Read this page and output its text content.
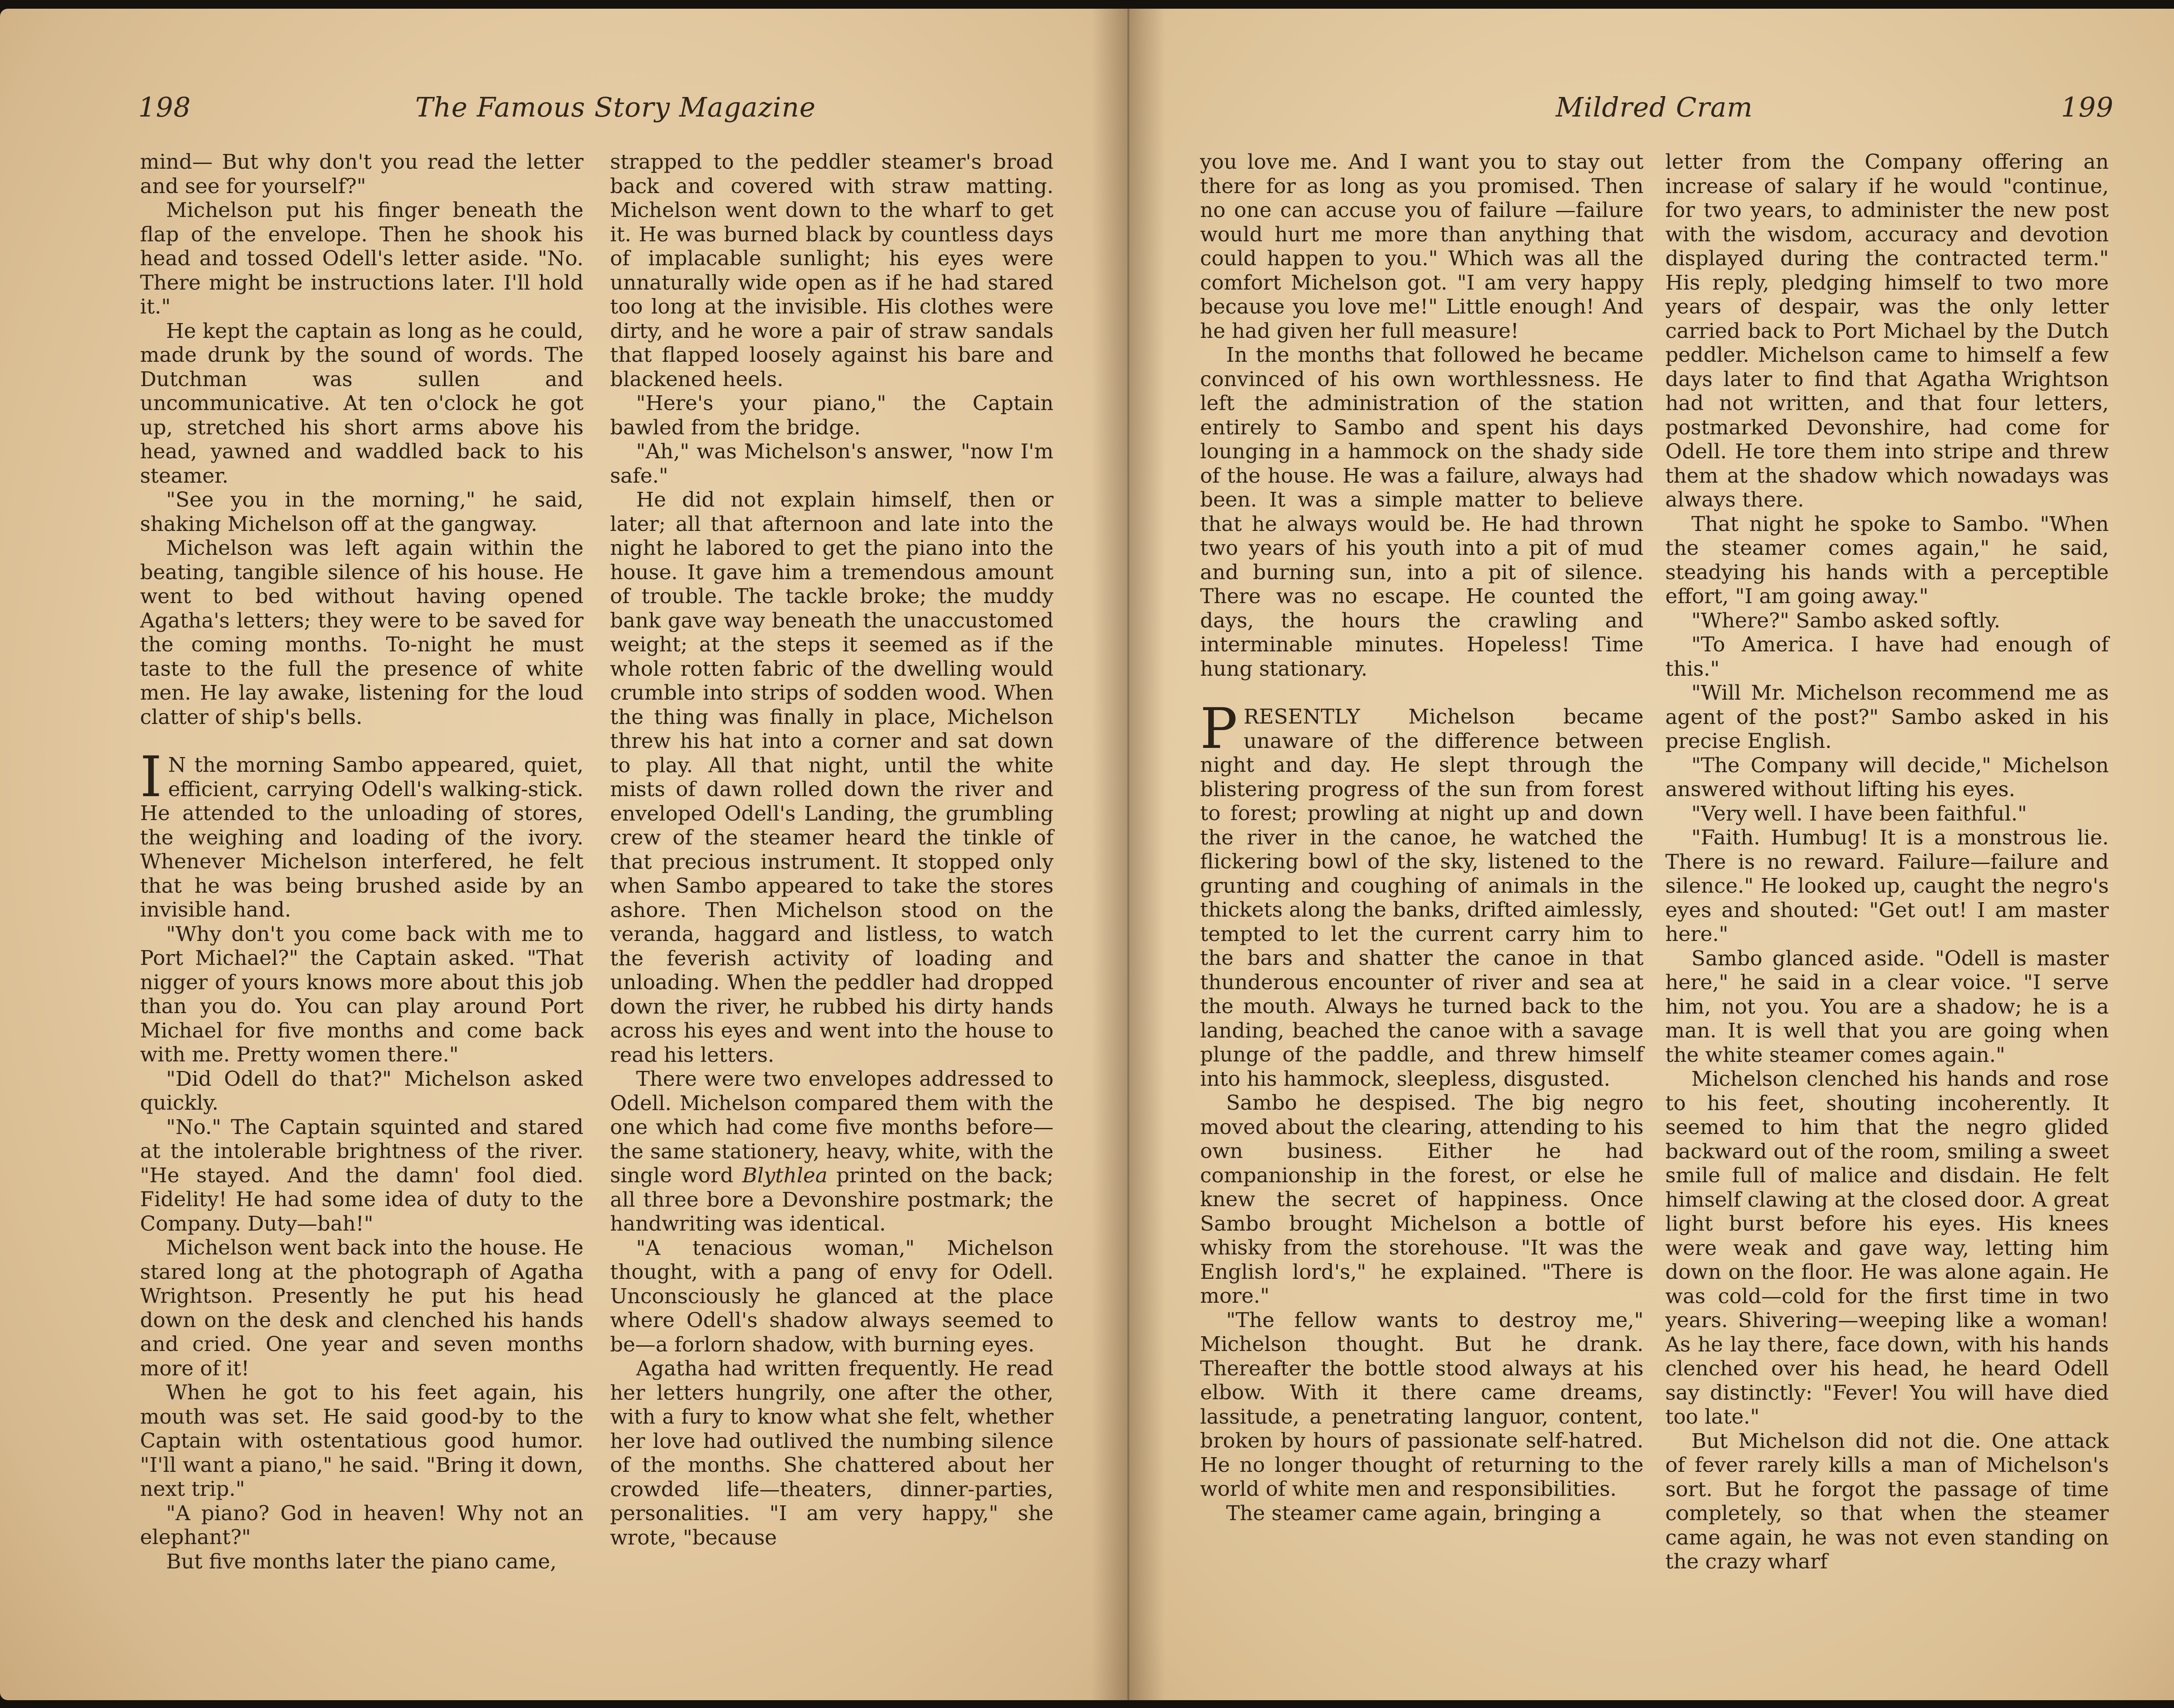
198	The Famous Story Magazine

mind— But why don't you read the letter and see for yourself?"

Michelson put his finger beneath the flap of the envelope. Then he shook his head and tossed Odell's letter aside. "No. There might be instructions later. I'll hold it."

He kept the captain as long as he could, made drunk by the sound of words. The Dutchman was sullen and uncommunicative. At ten o'clock he got up, stretched his short arms above his head, yawned and waddled back to his steamer.

"See you in the morning," he said, shaking Michelson off at the gangway.

Michelson was left again within the beating, tangible silence of his house. He went to bed without having opened Agatha's letters; they were to be saved for the coming months. To-night he must taste to the full the presence of white men. He lay awake, listening for the loud clatter of ship's bells.

I N the morning Sambo appeared, quiet, efficient, carrying Odell's walking-stick. He attended to the unloading of stores, the weighing and loading of the ivory. Whenever Michelson interfered, he felt that he was being brushed aside by an invisible hand.

"Why don't you come back with me to Port Michael?" the Captain asked. "That nigger of yours knows more about this job than you do. You can play around Port Michael for five months and come back with me. Pretty women there."

"Did Odell do that?" Michelson asked quickly.

"No." The Captain squinted and stared at the intolerable brightness of the river. "He stayed. And the damn' fool died. Fidelity! He had some idea of duty to the Company. Duty—bah!"

Michelson went back into the house. He stared long at the photograph of Agatha Wrightson. Presently he put his head down on the desk and clenched his hands and cried. One year and seven months more of it!

When he got to his feet again, his mouth was set. He said good-by to the Captain with ostentatious good humor. "I'll want a piano," he said. "Bring it down, next trip."

"A piano? God in heaven! Why not an elephant?"

But five months later the piano came,

strapped to the peddler steamer's broad back and covered with straw matting. Michelson went down to the wharf to get it. He was burned black by countless days of implacable sunlight; his eyes were unnaturally wide open as if he had stared too long at the invisible. His clothes were dirty, and he wore a pair of straw sandals that flapped loosely against his bare and blackened heels.

"Here's your piano," the Captain bawled from the bridge.

"Ah," was Michelson's answer, "now I'm safe."

He did not explain himself, then or later; all that afternoon and late into the night he labored to get the piano into the house. It gave him a tremendous amount of trouble. The tackle broke; the muddy bank gave way beneath the unaccustomed weight; at the steps it seemed as if the whole rotten fabric of the dwelling would crumble into strips of sodden wood. When the thing was finally in place, Michelson threw his hat into a corner and sat down to play. All that night, until the white mists of dawn rolled down the river and enveloped Odell's Landing, the grumbling crew of the steamer heard the tinkle of that precious instrument. It stopped only when Sambo appeared to take the stores ashore. Then Michelson stood on the veranda, haggard and listless, to watch the feverish activity of loading and unloading. When the peddler had dropped down the river, he rubbed his dirty hands across his eyes and went into the house to read his letters.

There were two envelopes addressed to Odell. Michelson compared them with the one which had come five months before—the same stationery, heavy, white, with the single word Blythlea printed on the back; all three bore a Devonshire postmark; the handwriting was identical.

"A tenacious woman," Michelson thought, with a pang of envy for Odell. Unconsciously he glanced at the place where Odell's shadow always seemed to be—a forlorn shadow, with burning eyes.

Agatha had written frequently. He read her letters hungrily, one after the other, with a fury to know what she felt, whether her love had outlived the numbing silence of the months. She chattered about her crowded life—theaters, dinner-parties, personalities. "I am very happy," she wrote, "because

Mildred Cram	199

you love me. And I want you to stay out there for as long as you promised. Then no one can accuse you of failure —failure would hurt me more than anything that could happen to you." Which was all the comfort Michelson got. "I am very happy because you love me!" Little enough! And he had given her full measure!

In the months that followed he became convinced of his own worthlessness. He left the administration of the station entirely to Sambo and spent his days lounging in a hammock on the shady side of the house. He was a failure, always had been. It was a simple matter to believe that he always would be. He had thrown two years of his youth into a pit of mud and burning sun, into a pit of silence. There was no escape. He counted the days, the hours the crawling and interminable minutes. Hopeless! Time hung stationary.

PRESENTLY Michelson became unaware of the difference between night and day. He slept through the blistering progress of the sun from forest to forest; prowling at night up and down the river in the canoe, he watched the flickering bowl of the sky, listened to the grunting and coughing of animals in the thickets along the banks, drifted aimlessly, tempted to let the current carry him to the bars and shatter the canoe in that thunderous encounter of river and sea at the mouth. Always he turned back to the landing, beached the canoe with a savage plunge of the paddle, and threw himself into his hammock, sleepless, disgusted.

Sambo he despised. The big negro moved about the clearing, attending to his own business. Either he had companionship in the forest, or else he knew the secret of happiness. Once Sambo brought Michelson a bottle of whisky from the storehouse. "It was the English lord's," he explained. "There is more."

"The fellow wants to destroy me," Michelson thought. But he drank. Thereafter the bottle stood always at his elbow. With it there came dreams, lassitude, a penetrating languor, content, broken by hours of passionate self-hatred. He no longer thought of returning to the world of white men and responsibilities.

The steamer came again, bringing a

letter from the Company offering an increase of salary if he would "continue, for two years, to administer the new post with the wisdom, accuracy and devotion displayed during the contracted term." His reply, pledging himself to two more years of despair, was the only letter carried back to Port Michael by the Dutch peddler. Michelson came to himself a few days later to find that Agatha Wrightson had not written, and that four letters, postmarked Devonshire, had come for Odell. He tore them into stripe and threw them at the shadow which nowadays was always there.

That night he spoke to Sambo. "When the steamer comes again," he said, steadying his hands with a perceptible effort, "I am going away."

"Where?" Sambo asked softly.

"To America. I have had enough of this."

"Will Mr. Michelson recommend me as agent of the post?" Sambo asked in his precise English.

"The Company will decide," Michelson answered without lifting his eyes.

"Very well. I have been faithful."

"Faith. Humbug! It is a monstrous lie. There is no reward. Failure—failure and silence." He looked up, caught the negro's eyes and shouted: "Get out! I am master here."

Sambo glanced aside. "Odell is master here," he said in a clear voice. "I serve him, not you. You are a shadow; he is a man. It is well that you are going when the white steamer comes again."

Michelson clenched his hands and rose to his feet, shouting incoherently. It seemed to him that the negro glided backward out of the room, smiling a sweet smile full of malice and disdain. He felt himself clawing at the closed door. A great light burst before his eyes. His knees were weak and gave way, letting him down on the floor. He was alone again. He was cold—cold for the first time in two years. Shivering—weeping like a woman! As he lay there, face down, with his hands clenched over his head, he heard Odell say distinctly: "Fever! You will have died too late."

But Michelson did not die. One attack of fever rarely kills a man of Michelson's sort. But he forgot the passage of time completely, so that when the steamer came again, he was not even standing on the crazy wharf
